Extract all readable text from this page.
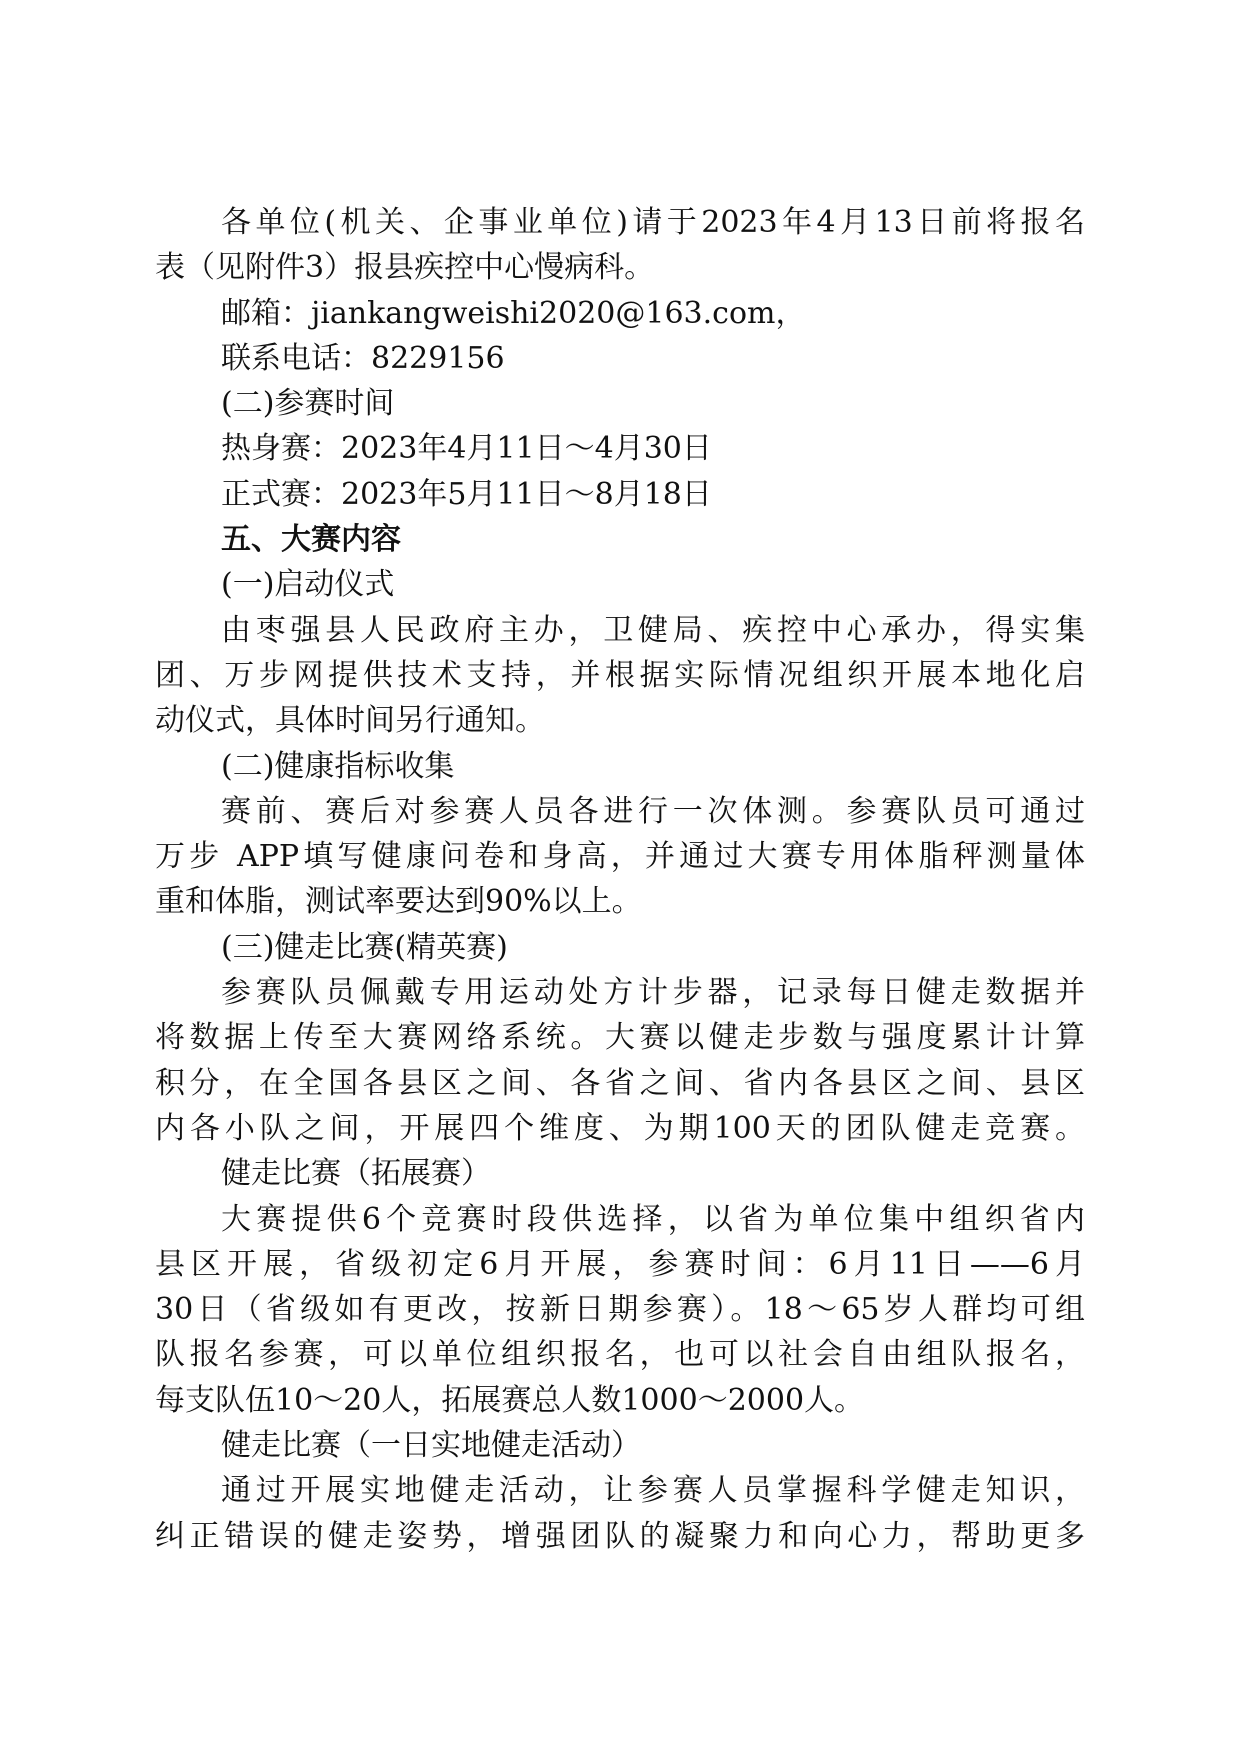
各单位(机关、企事业单位)请于2023年4月13日前将报名
表（见附件3）报县疾控中心慢病科。
邮箱：jiankangweishi2020@163.com，
联系电话：8229156
(二)参赛时间
热身赛：2023年4月11日～4月30日
正式赛：2023年5月11日～8月18日
五、大赛内容
(一)启动仪式
由枣强县人民政府主办，卫健局、疾控中心承办，得实集
团、万步网提供技术支持，并根据实际情况组织开展本地化启
动仪式，具体时间另行通知。
(二)健康指标收集
赛前、赛后对参赛人员各进行一次体测。参赛队员可通过
万步 APP填写健康问卷和身高，并通过大赛专用体脂秤测量体
重和体脂，测试率要达到90%以上。
(三)健走比赛(精英赛)
参赛队员佩戴专用运动处方计步器，记录每日健走数据并
将数据上传至大赛网络系统。大赛以健走步数与强度累计计算
积分，在全国各县区之间、各省之间、省内各县区之间、县区
内各小队之间，开展四个维度、为期100天的团队健走竞赛。
健走比赛（拓展赛）
大赛提供6个竞赛时段供选择，以省为单位集中组织省内
县区开展，省级初定6月开展，参赛时间：6月11日——6月
30日（省级如有更改，按新日期参赛）。18～65岁人群均可组
队报名参赛，可以单位组织报名，也可以社会自由组队报名，
每支队伍10～20人，拓展赛总人数1000～2000人。
健走比赛（一日实地健走活动）
通过开展实地健走活动，让参赛人员掌握科学健走知识，
纠正错误的健走姿势，增强团队的凝聚力和向心力，帮助更多
